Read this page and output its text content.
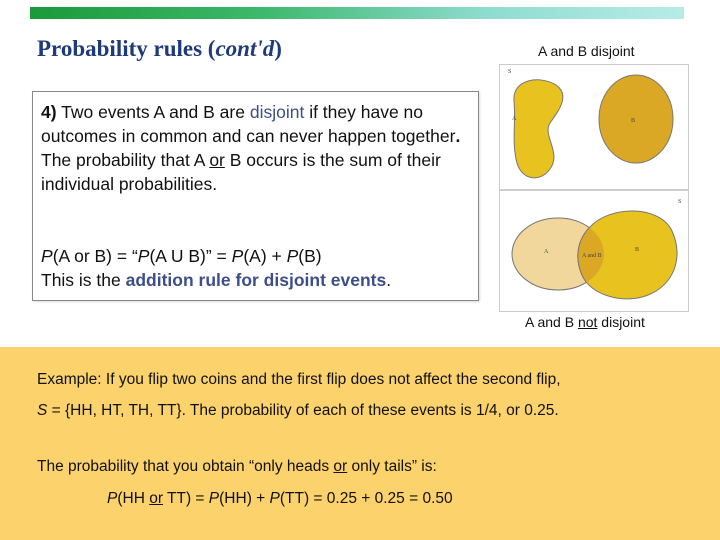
Probability rules (cont'd)	A and B disjoint
S
A	B
S
A	B
A and B
A and B not disjoint
4) Two events A and B are disjoint if they have no outcomes in common and can never happen together. The probability that A or B occurs is the sum of their individual probabilities.
P(A or B) = “P(A U B)” = P(A) + P(B)
This is the addition rule for disjoint events.
Example: If you flip two coins and the first flip does not affect the second flip,
S = {HH, HT, TH, TT}. The probability of each of these events is 1/4, or 0.25.
The probability that you obtain “only heads or only tails” is:
P(HH or TT) = P(HH) + P(TT) = 0.25 + 0.25 = 0.50
